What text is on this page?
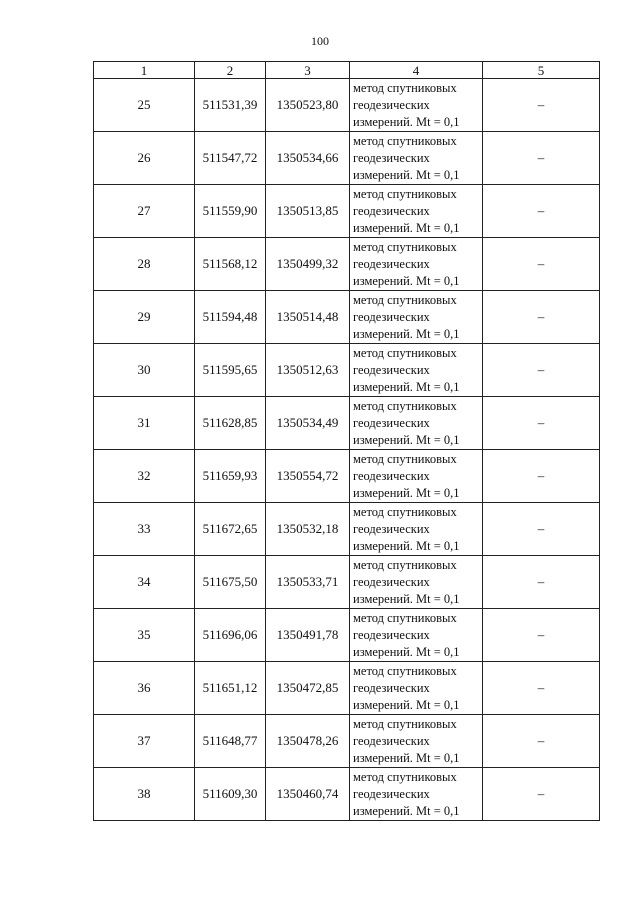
100
1	2	3	4	5
25	511531,39	1350523,80	метод спутниковых
геодезических
измерений. Mt = 0,1	–
26	511547,72	1350534,66	метод спутниковых
геодезических
измерений. Mt = 0,1	–
27	511559,90	1350513,85	метод спутниковых
геодезических
измерений. Mt = 0,1	–
28	511568,12	1350499,32	метод спутниковых
геодезических
измерений. Mt = 0,1	–
29	511594,48	1350514,48	метод спутниковых
геодезических
измерений. Mt = 0,1	–
30	511595,65	1350512,63	метод спутниковых
геодезических
измерений. Mt = 0,1	–
31	511628,85	1350534,49	метод спутниковых
геодезических
измерений. Mt = 0,1	–
32	511659,93	1350554,72	метод спутниковых
геодезических
измерений. Mt = 0,1	–
33	511672,65	1350532,18	метод спутниковых
геодезических
измерений. Mt = 0,1	–
34	511675,50	1350533,71	метод спутниковых
геодезических
измерений. Mt = 0,1	–
35	511696,06	1350491,78	метод спутниковых
геодезических
измерений. Mt = 0,1	–
36	511651,12	1350472,85	метод спутниковых
геодезических
измерений. Mt = 0,1	–
37	511648,77	1350478,26	метод спутниковых
геодезических
измерений. Mt = 0,1	–
38	511609,30	1350460,74	метод спутниковых
геодезических
измерений. Mt = 0,1	–
